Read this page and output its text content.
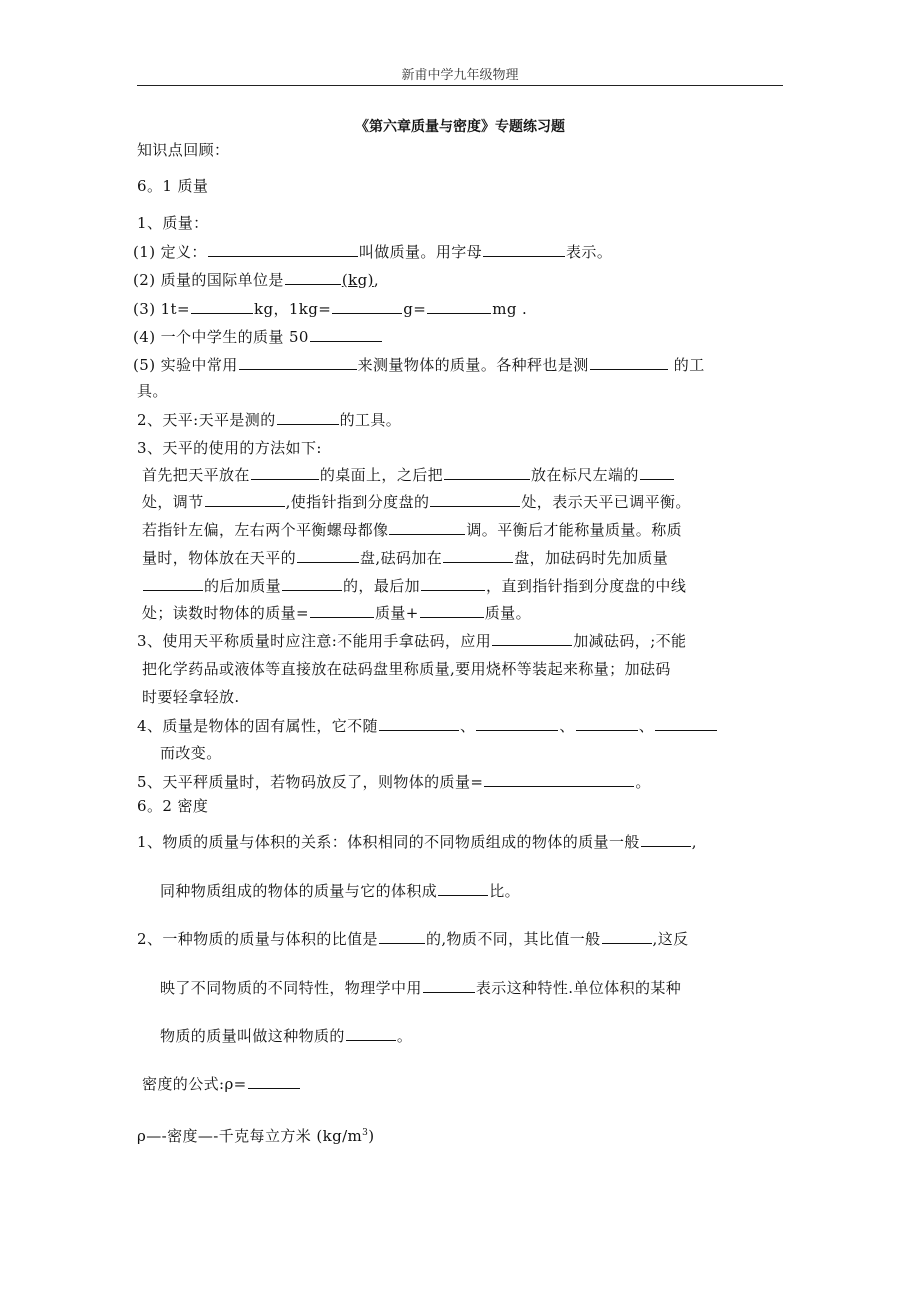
新甫中学九年级物理
《第六章质量与密度》专题练习题
知识点回顾：
6。1 质量
1、质量：
(1) 定义：	叫做质量。用字母	表示。
(2) 质量的国际单位是	(kg),
(3) 1t=	kg，1kg=	g=	mg .
(4) 一个中学生的质量 50
(5) 实验中常用	来测量物体的质量。各种秤也是测	的工
具。
2、天平:天平是测的	的工具。
3、天平的使用的方法如下:
首先把天平放在	的桌面上，之后把	放在标尺左端的
处，调节	,使指针指到分度盘的	处，表示天平已调平衡。
若指针左偏，左右两个平衡螺母都像	调。平衡后才能称量质量。称质
量时，物体放在天平的	盘,砝码加在	盘，加砝码时先加质量
的后加质量	的，最后加	，直到指针指到分度盘的中线
处；读数时物体的质量=	质量+	质量。
3、使用天平称质量时应注意:不能用手拿砝码，应用	加减砝码，;不能
把化学药品或液体等直接放在砝码盘里称质量,要用烧杯等装起来称量；加砝码
时要轻拿轻放.
4、质量是物体的固有属性，它不随	、	、	、
而改变。
5、天平秤质量时，若物码放反了，则物体的质量=	。
6。2 密度
1、物质的质量与体积的关系：体积相同的不同物质组成的物体的质量一般	,
同种物质组成的物体的质量与它的体积成	比。
2、一种物质的质量与体积的比值是	的,物质不同，其比值一般	,这反
映了不同物质的不同特性，物理学中用	表示这种特性.单位体积的某种
物质的质量叫做这种物质的	。
密度的公式:ρ=
ρ—-密度—-千克每立方米 $(kg/m^3)$
